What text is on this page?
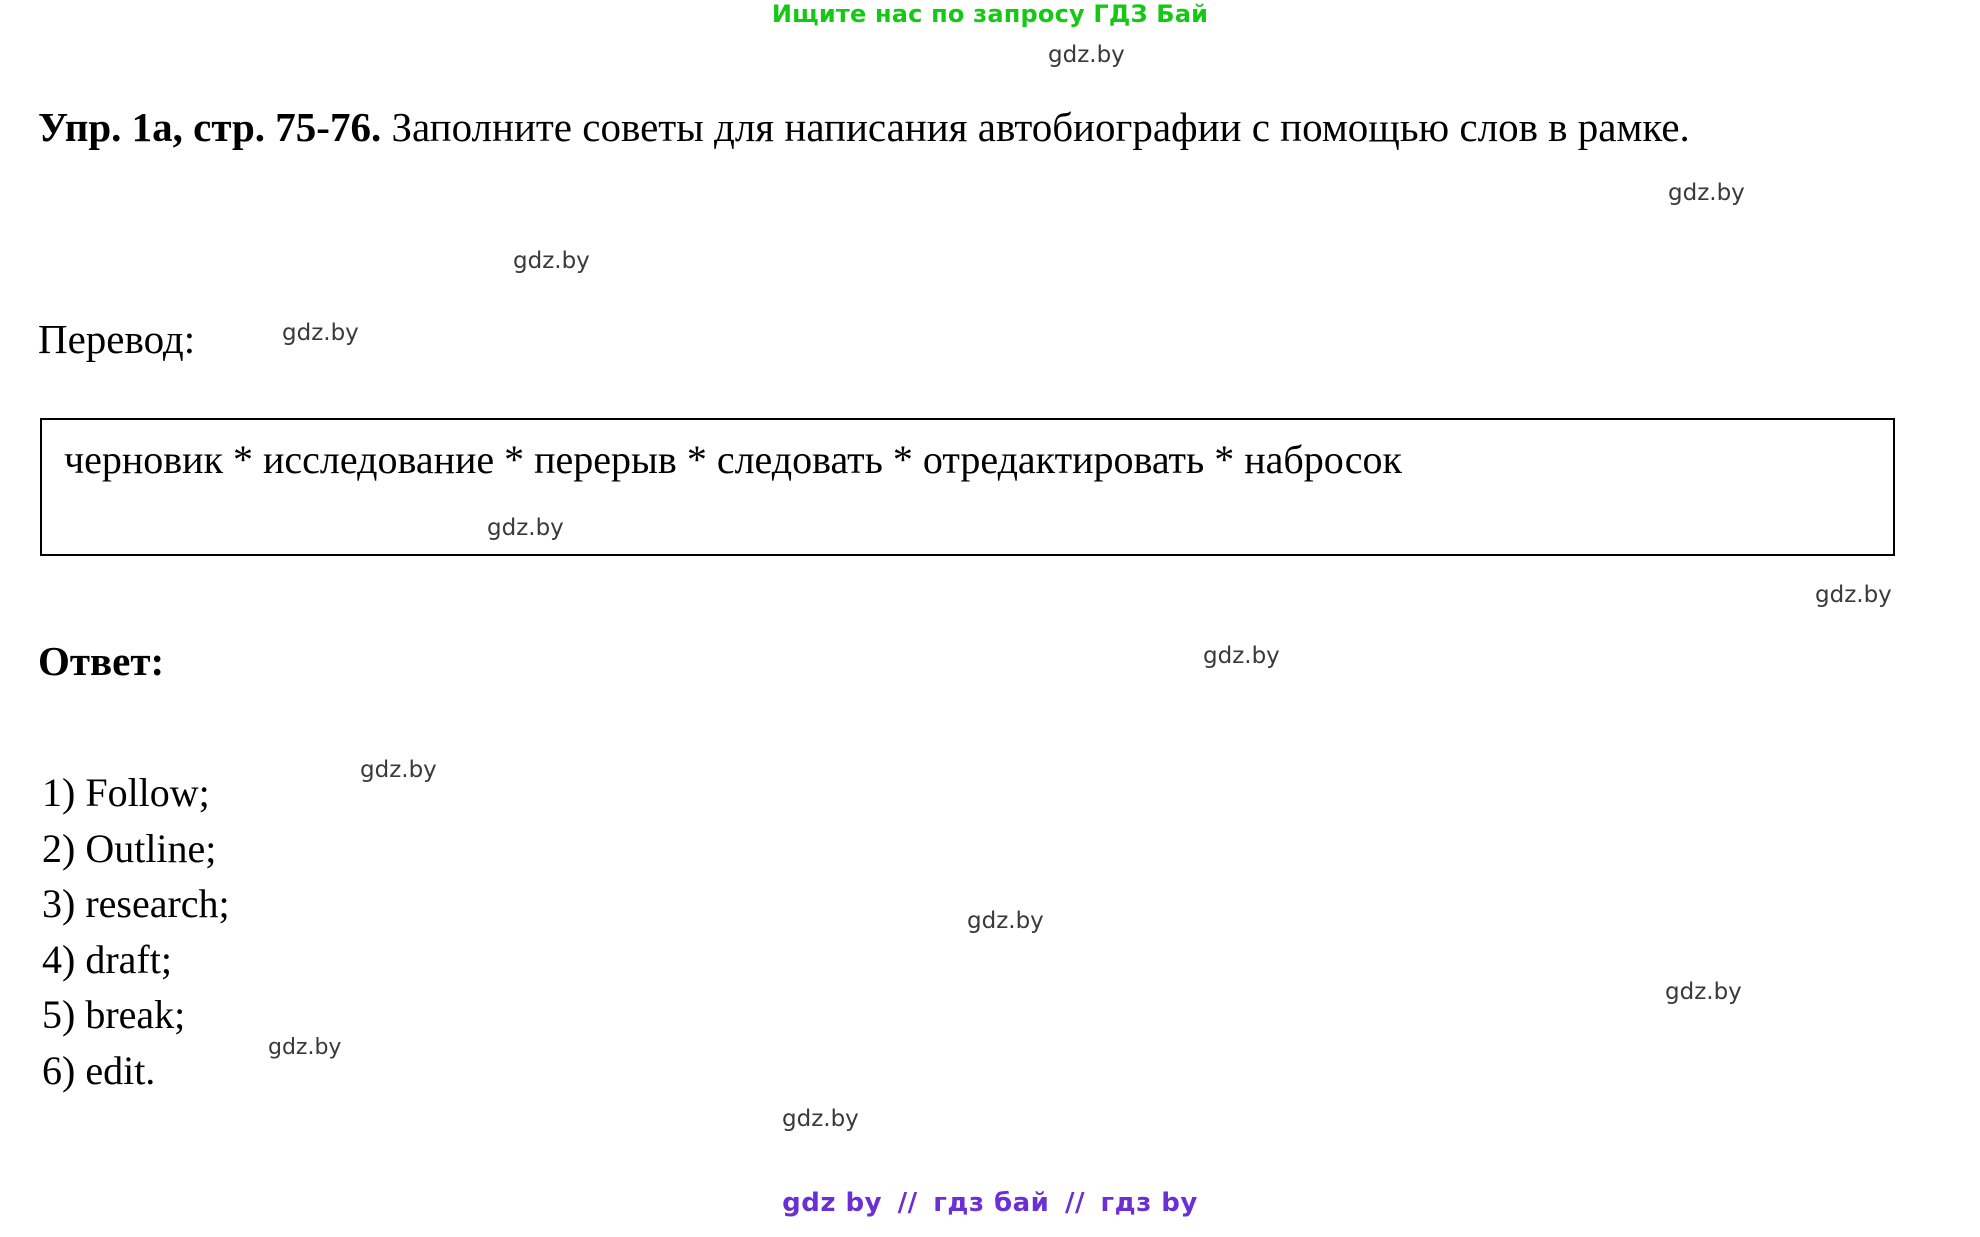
Ищите нас по запросу ГДЗ Бай
Упр. 1a, стр. 75-76. Заполните советы для написания автобиографии с помощью слов в рамке.
Перевод:
черновик * исследование * перерыв * следовать * отредактировать * набросок
Ответ:
1) Follow;
2) Outline;
3) research;
4) draft;
5) break;
6) edit.
gdz.by
gdz.by
gdz.by
gdz.by
gdz.by
gdz.by
gdz.by
gdz.by
gdz.by
gdz.by
gdz.by
gdz.by
gdz by // гдз бай // гдз by
